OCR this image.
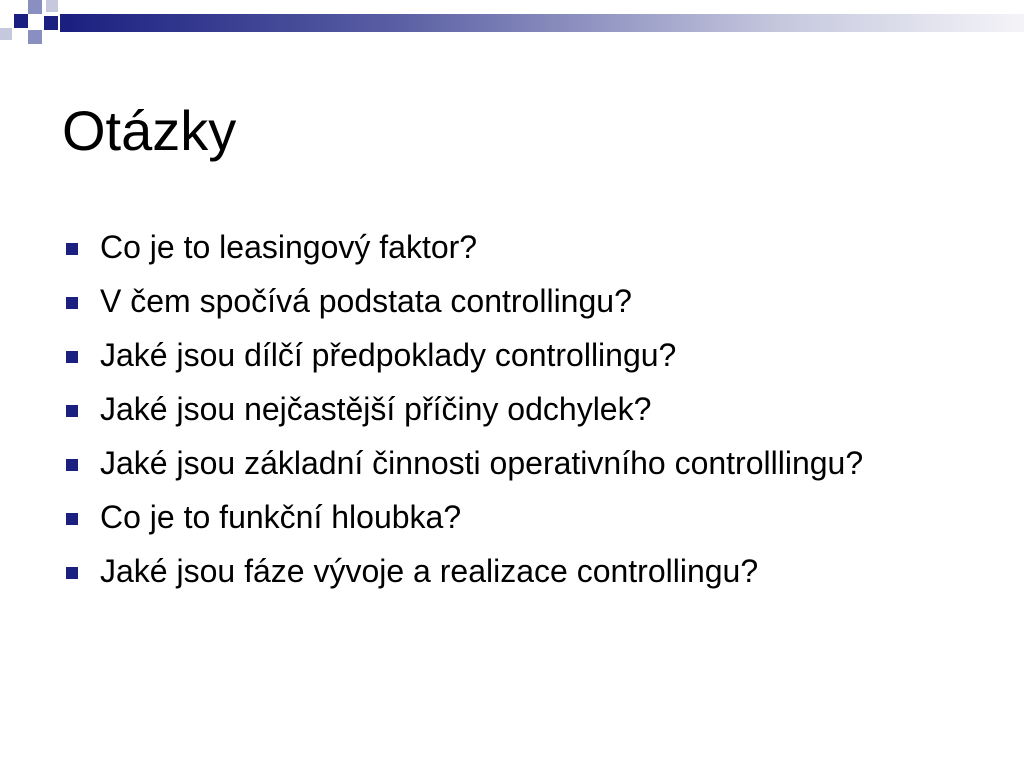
Otázky
Co je to leasingový faktor?
V čem spočívá podstata controllingu?
Jaké jsou dílčí předpoklady controllingu?
Jaké jsou nejčastější příčiny odchylek?
Jaké jsou základní činnosti operativního controlllingu?
Co je to funkční hloubka?
Jaké jsou fáze vývoje a realizace controllingu?
